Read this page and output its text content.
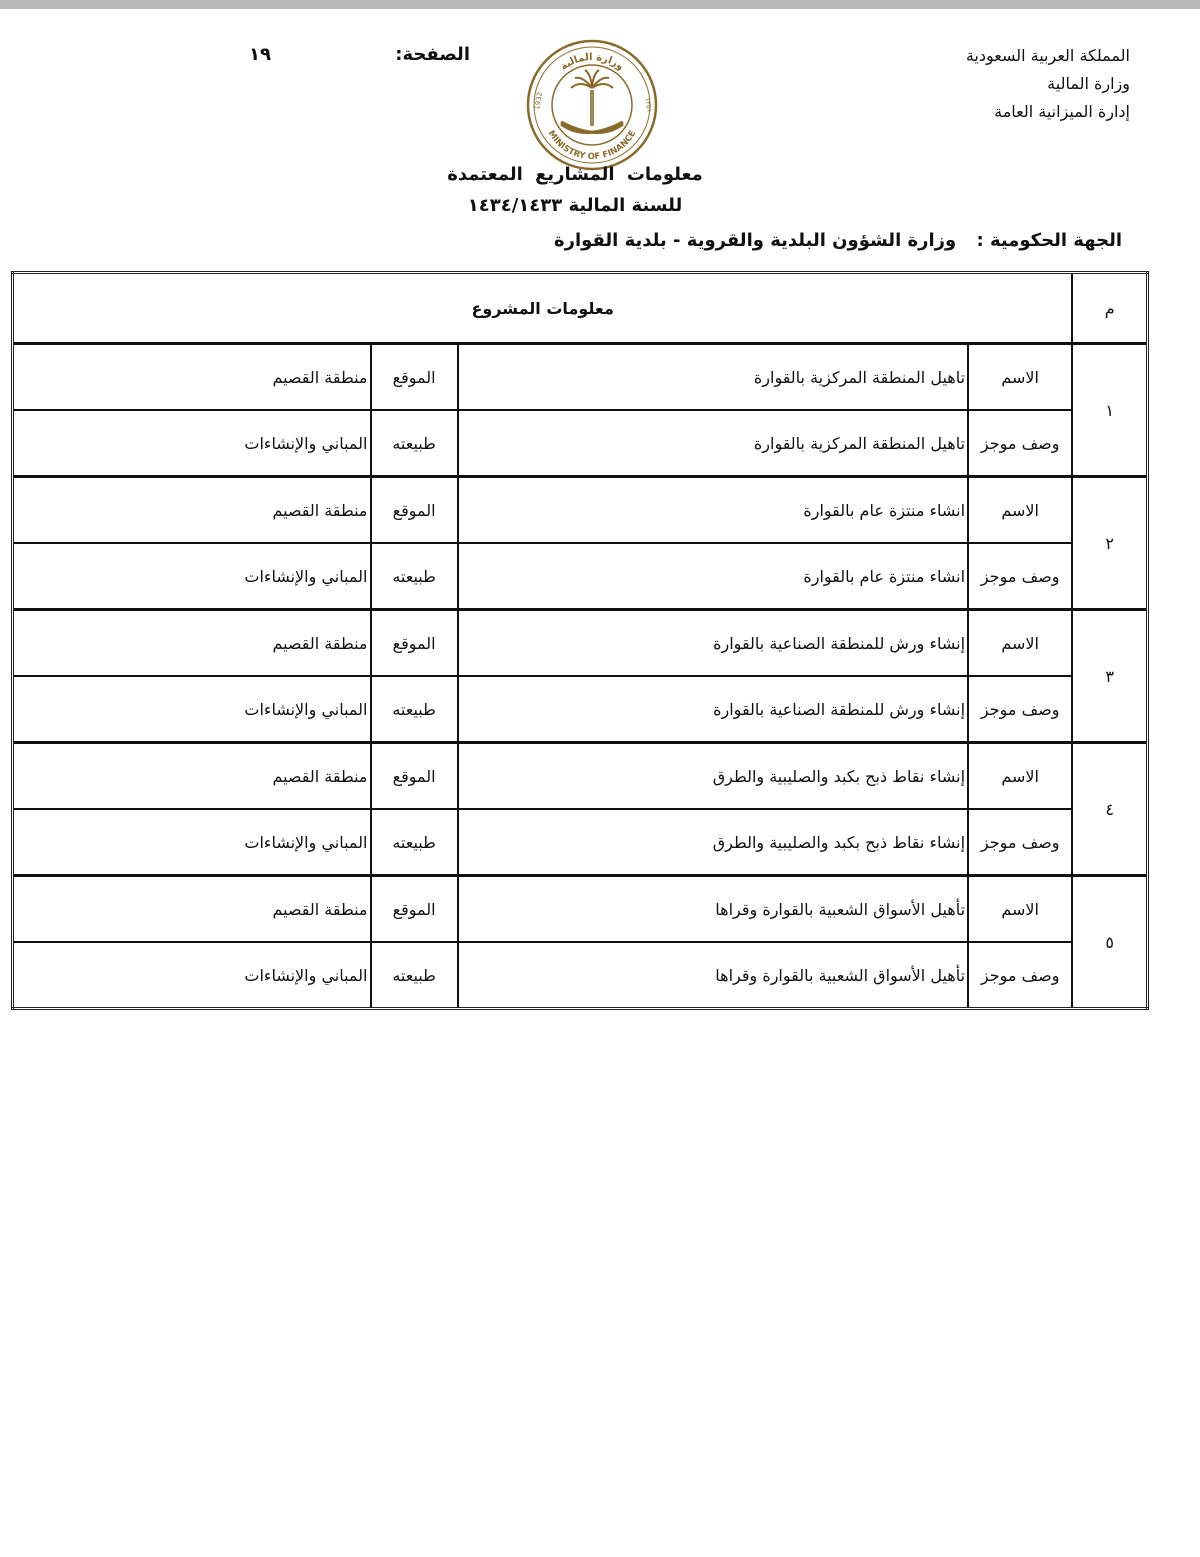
المملكة العربية السعودية
وزارة المالية
إدارة الميزانية العامة
الصفحة:
١٩
وزارة المالية
MINISTRY OF FINANCE
1932	١٣٥١
معلومات المشاريع المعتمدة
للسنة المالية ١٤٣٤/١٤٣٣
الجهة الحكومية : وزارة الشؤون البلدية والقروية - بلدية القوارة
م	معلومات المشروع			
١	الاسم	تاهيل المنطقة المركزية بالقوارة	الموقع	منطقة القصيم
	وصف موجز	تاهيل المنطقة المركزية بالقوارة	طبيعته	المباني والإنشاءات
٢	الاسم	انشاء منتزة عام بالقوارة	الموقع	منطقة القصيم
	وصف موجز	انشاء منتزة عام بالقوارة	طبيعته	المباني والإنشاءات
٣	الاسم	إنشاء ورش للمنطقة الصناعية بالقوارة	الموقع	منطقة القصيم
	وصف موجز	إنشاء ورش للمنطقة الصناعية بالقوارة	طبيعته	المباني والإنشاءات
٤	الاسم	إنشاء نقاط ذبح بكبد والصليبية والطرق	الموقع	منطقة القصيم
	وصف موجز	إنشاء نقاط ذبح بكبد والصليبية والطرق	طبيعته	المباني والإنشاءات
٥	الاسم	تأهيل الأسواق الشعبية بالقوارة وقراها	الموقع	منطقة القصيم
	وصف موجز	تأهيل الأسواق الشعبية بالقوارة وقراها	طبيعته	المباني والإنشاءات
